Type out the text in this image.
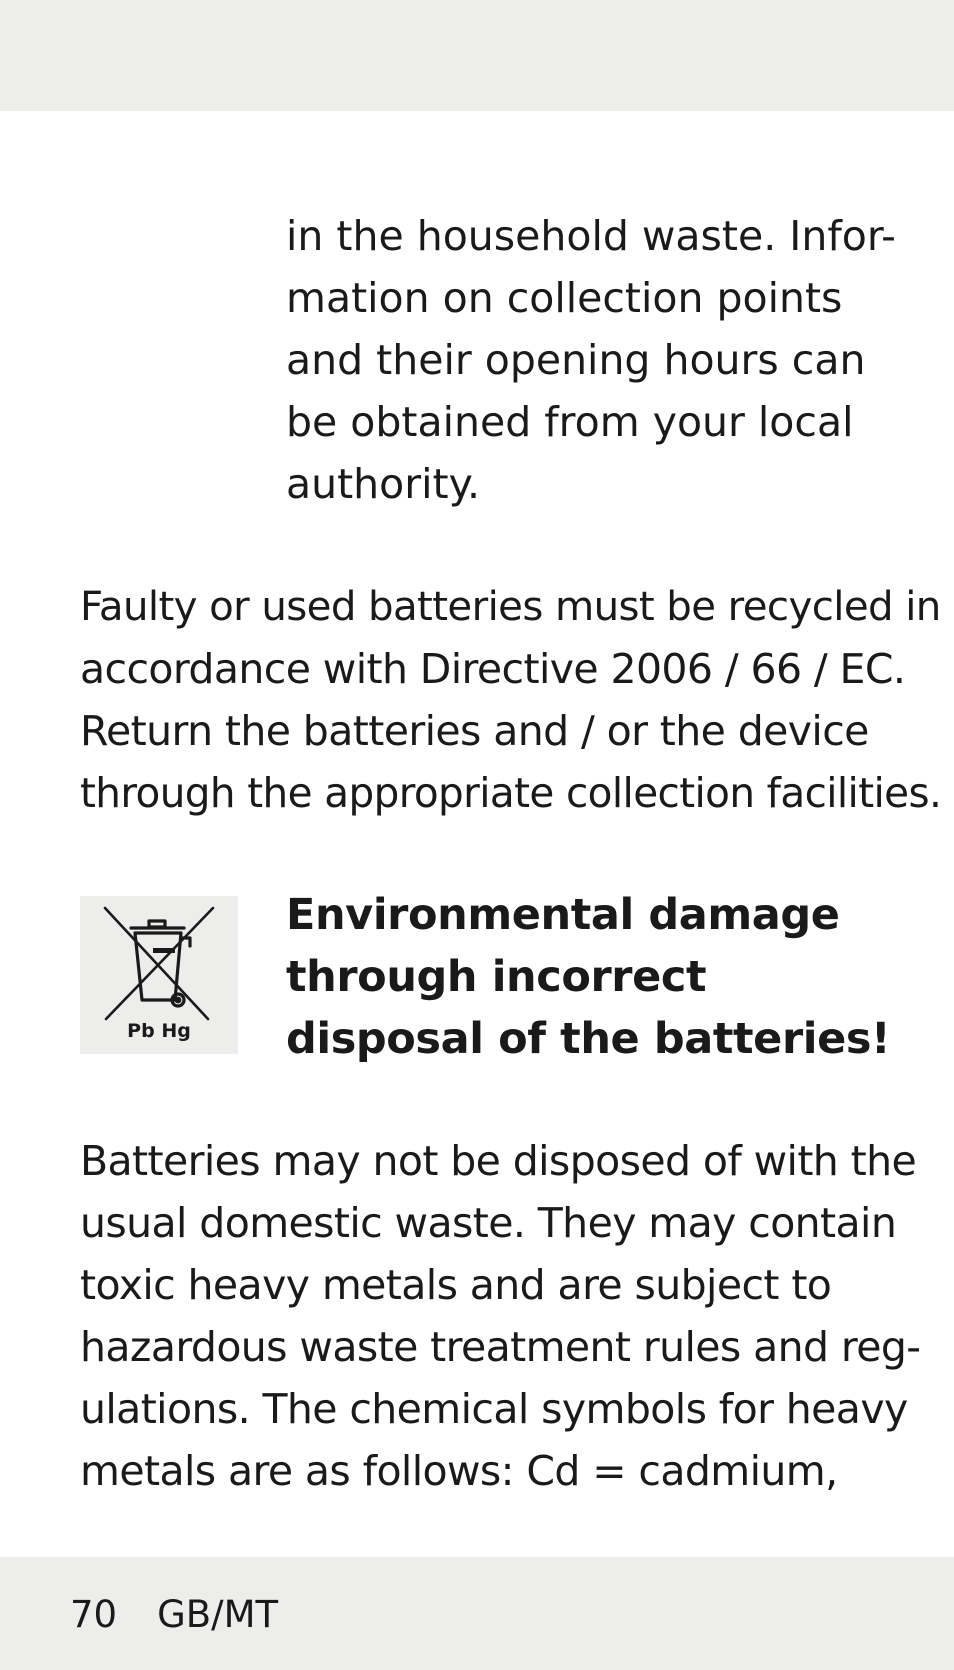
in the household waste. Infor-
mation on collection points
and their opening hours can
be obtained from your local
authority.
Faulty or used batteries must be recycled in
accordance with Directive 2006 / 66 / EC.
Return the batteries and / or the device
through the appropriate collection facilities.
Pb Hg
Environmental damage
through incorrect
disposal of the batteries!
Batteries may not be disposed of with the
usual domestic waste. They may contain
toxic heavy metals and are subject to
hazardous waste treatment rules and reg-
ulations. The chemical symbols for heavy
metals are as follows: Cd = cadmium,
70 GB/MT
